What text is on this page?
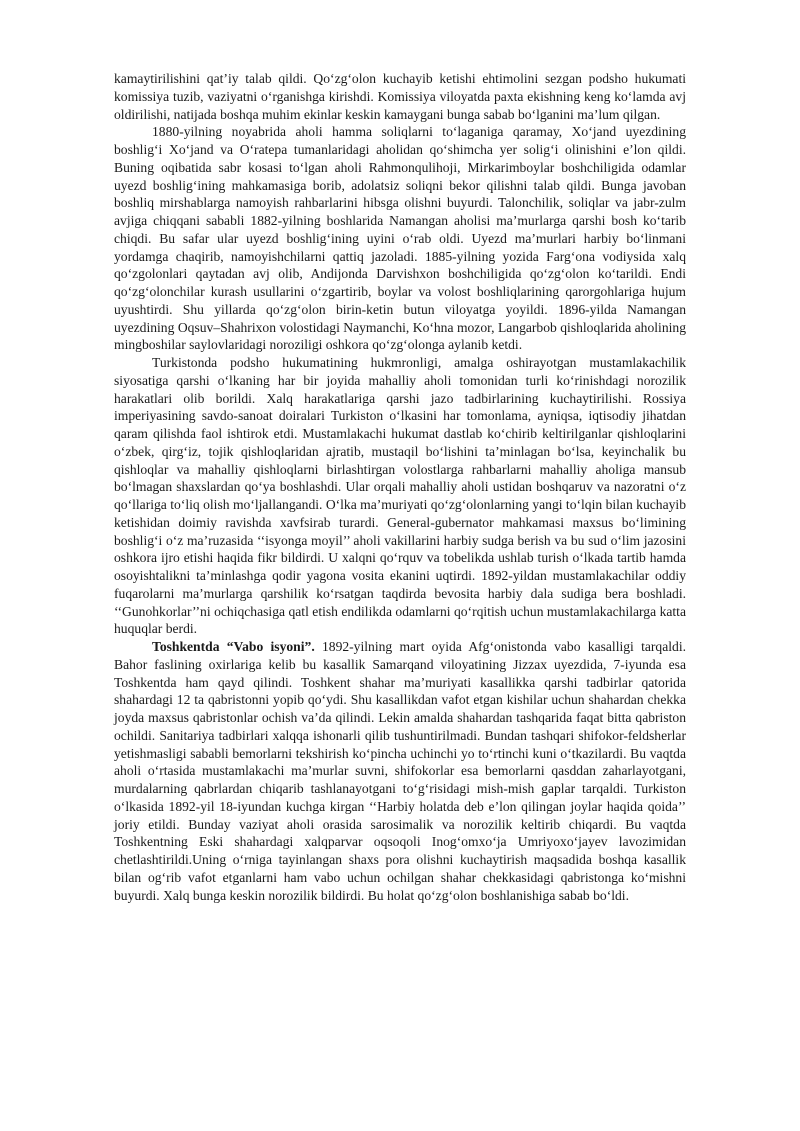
kamaytirilishini qat’iy talab qildi. Qo‘zg‘olon kuchayib ketishi ehtimolini sezgan podsho hukumati komissiya tuzib, vaziyatni o‘rganishga kirishdi. Komissiya viloyatda paxta ekishning keng ko‘lamda avj oldirilishi, natijada boshqa muhim ekinlar keskin kamaygani bunga sabab bo‘lganini ma’lum qilgan.

1880-yilning noyabrida aholi hamma soliqlarni to‘laganiga qaramay, Xo‘jand uyezdining boshlig‘i Xo‘jand va O‘ratepa tumanlaridagi aholidan qo‘shimcha yer solig‘i olinishini e’lon qildi. Buning oqibatida sabr kosasi to‘lgan aholi Rahmonqulihoji, Mirkarimboylar boshchiligida odamlar uyezd boshlig‘ining mahkamasiga borib, adolatsiz soliqni bekor qilishni talab qildi. Bunga javoban boshliq mirshablarga namoyish rahbarlarini hibsga olishni buyurdi. Talonchilik, soliqlar va jabr-zulm avjiga chiqqani sababli 1882-yilning boshlarida Namangan aholisi ma’murlarga qarshi bosh ko‘tarib chiqdi. Bu safar ular uyezd boshlig‘ining uyini o‘rab oldi. Uyezd ma’murlari harbiy bo‘linmani yordamga chaqirib, namoyishchilarni qattiq jazoladi. 1885-yilning yozida Farg‘ona vodiysida xalq qo‘zgolonlari qaytadan avj olib, Andijonda Darvishxon boshchiligida qo‘zg‘olon ko‘tarildi. Endi qo‘zg‘olonchilar kurash usullarini o‘zgartirib, boylar va volost boshliqlarining qarorgohlariga hujum uyushtirdi. Shu yillarda qo‘zg‘olon birin-ketin butun viloyatga yoyildi. 1896-yilda Namangan uyezdining Oqsuv–Shahrixon volostidagi Naymanchi, Ko‘hna mozor, Langarbob qishloqlarida aholining mingboshilar saylovlaridagi noroziligi oshkora qo‘zg‘olonga aylanib ketdi.

Turkistonda podsho hukumatining hukmronligi, amalga oshirayotgan mustamlakachilik siyosatiga qarshi o‘lkaning har bir joyida mahalliy aholi tomonidan turli ko‘rinishdagi norozilik harakatlari olib borildi. Xalq harakatlariga qarshi jazo tadbirlarining kuchaytirilishi. Rossiya imperiyasining savdo-sanoat doiralari Turkiston o‘lkasini har tomonlama, ayniqsa, iqtisodiy jihatdan qaram qilishda faol ishtirok etdi. Mustamlakachi hukumat dastlab ko‘chirib keltirilganlar qishloqlarini o‘zbek, qirg‘iz, tojik qishloqlaridan ajratib, mustaqil bo‘lishini ta’minlagan bo‘lsa, keyinchalik bu qishloqlar va mahalliy qishloqlarni birlashtirgan volostlarga rahbarlarni mahalliy aholiga mansub bo‘lmagan shaxslardan qo‘ya boshlashdi. Ular orqali mahalliy aholi ustidan boshqaruv va nazoratni o‘z qo‘llariga to‘liq olish mo‘ljallangandi. O‘lka ma’muriyati qo‘zg‘olonlarning yangi to‘lqin bilan kuchayib ketishidan doimiy ravishda xavfsirab turardi. General-gubernator mahkamasi maxsus bo‘limining boshlig‘i o‘z ma’ruzasida ‘‘isyonga moyil’’ aholi vakillarini harbiy sudga berish va bu sud o‘lim jazosini oshkora ijro etishi haqida fikr bildirdi. U xalqni qo‘rquv va tobelikda ushlab turish o‘lkada tartib hamda osoyishtalikni ta’minlashga qodir yagona vosita ekanini uqtirdi. 1892-yildan mustamlakachilar oddiy fuqarolarni ma’murlarga qarshilik ko‘rsatgan taqdirda bevosita harbiy dala sudiga bera boshladi. ‘‘Gunohkorlar’’ni ochiqchasiga qatl etish endilikda odamlarni qo‘rqitish uchun mustamlakachilarga katta huquqlar berdi.

Toshkentda “Vabo isyoni”. 1892-yilning mart oyida Afg‘onistonda vabo kasalligi tarqaldi. Bahor faslining oxirlariga kelib bu kasallik Samarqand viloyatining Jizzax uyezdida, 7-iyunda esa Toshkentda ham qayd qilindi. Toshkent shahar ma’muriyati kasallikka qarshi tadbirlar qatorida shahardagi 12 ta qabristonni yopib qo‘ydi. Shu kasallikdan vafot etgan kishilar uchun shahardan chekka joyda maxsus qabristonlar ochish va’da qilindi. Lekin amalda shahardan tashqarida faqat bitta qabriston ochildi. Sanitariya tadbirlari xalqqa ishonarli qilib tushuntirilmadi. Bundan tashqari shifokor-feldsherlar yetishmasligi sababli bemorlarni tekshirish ko‘pincha uchinchi yo to‘rtinchi kuni o‘tkazilardi. Bu vaqtda aholi o‘rtasida mustamlakachi ma’murlar suvni, shifokorlar esa bemorlarni qasddan zaharlayotgani, murdalarning qabrlardan chiqarib tashlanayotgani to‘g‘risidagi mish-mish gaplar tarqaldi. Turkiston o‘lkasida 1892-yil 18-iyundan kuchga kirgan ‘‘Harbiy holatda deb e’lon qilingan joylar haqida qoida’’ joriy etildi. Bunday vaziyat aholi orasida sarosimalik va norozilik keltirib chiqardi. Bu vaqtda Toshkentning Eski shahardagi xalqparvar oqsoqoli Inog‘omxo‘ja Umriyoxo‘jayev lavozimidan chetlashtirildi.Uning o‘rniga tayinlangan shaxs pora olishni kuchaytirish maqsadida boshqa kasallik bilan og‘rib vafot etganlarni ham vabo uchun ochilgan shahar chekkasidagi qabristonga ko‘mishni buyurdi. Xalq bunga keskin norozilik bildirdi. Bu holat qo‘zg‘olon boshlanishiga sabab bo‘ldi.
